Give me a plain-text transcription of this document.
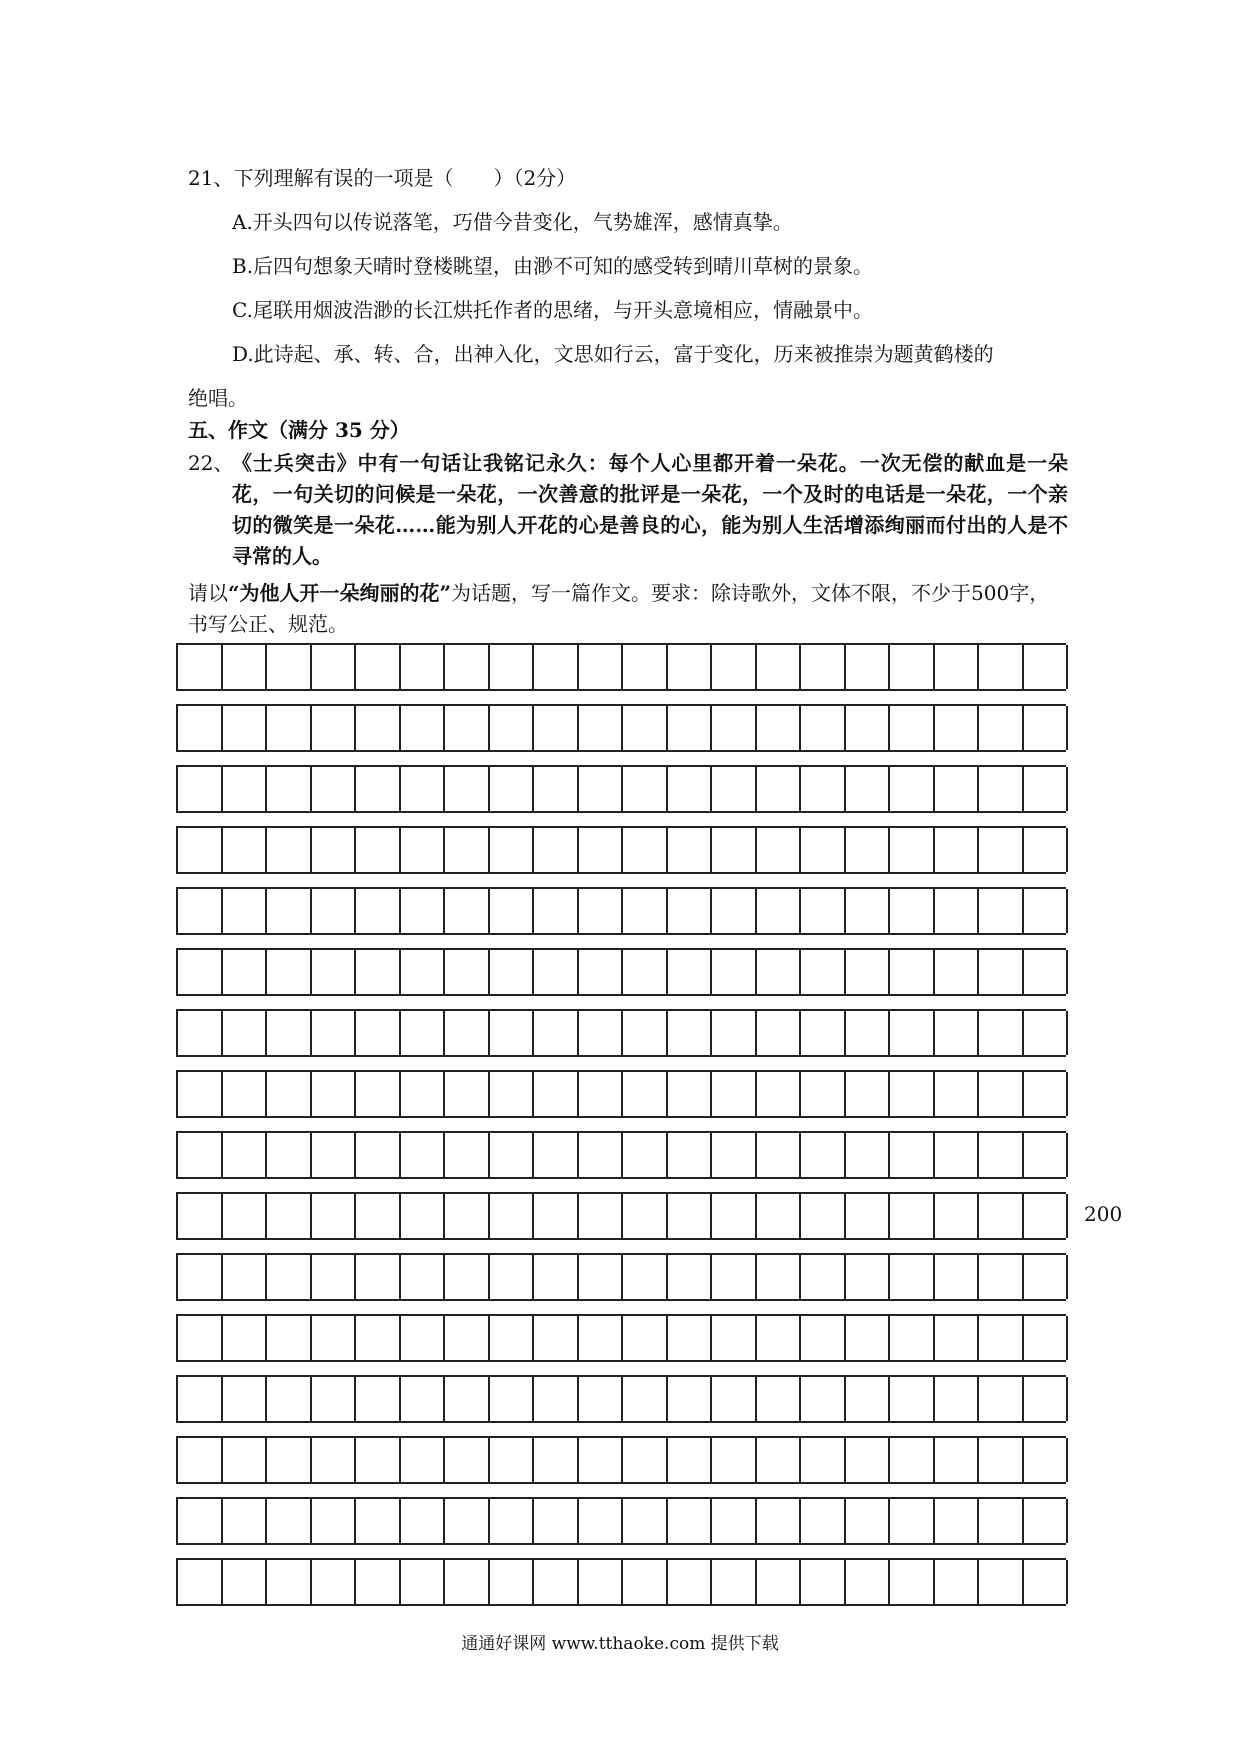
21、下列理解有误的一项是（　　）（2分）
A.开头四句以传说落笔，巧借今昔变化，气势雄浑，感情真挚。
B.后四句想象天晴时登楼眺望，由渺不可知的感受转到晴川草树的景象。
C.尾联用烟波浩渺的长江烘托作者的思绪，与开头意境相应，情融景中。
D.此诗起、承、转、合，出神入化，文思如行云，富于变化，历来被推崇为题黄鹤楼的
绝唱。
五、作文（满分 35 分）
22、
《士兵突击》中有一句话让我铭记永久：每个人心里都开着一朵花。一次无偿的献血是一朵花，一句关切的问候是一朵花，一次善意的批评是一朵花，一个及时的电话是一朵花，一个亲切的微笑是一朵花……能为别人开花的心是善良的心，能为别人生活增添绚丽而付出的人是不寻常的人。
请以“为他人开一朵绚丽的花”为话题，写一篇作文。要求：除诗歌外，文体不限，不少于500字，书写公正、规范。
200
通通好课网 www.tthaoke.com 提供下载
